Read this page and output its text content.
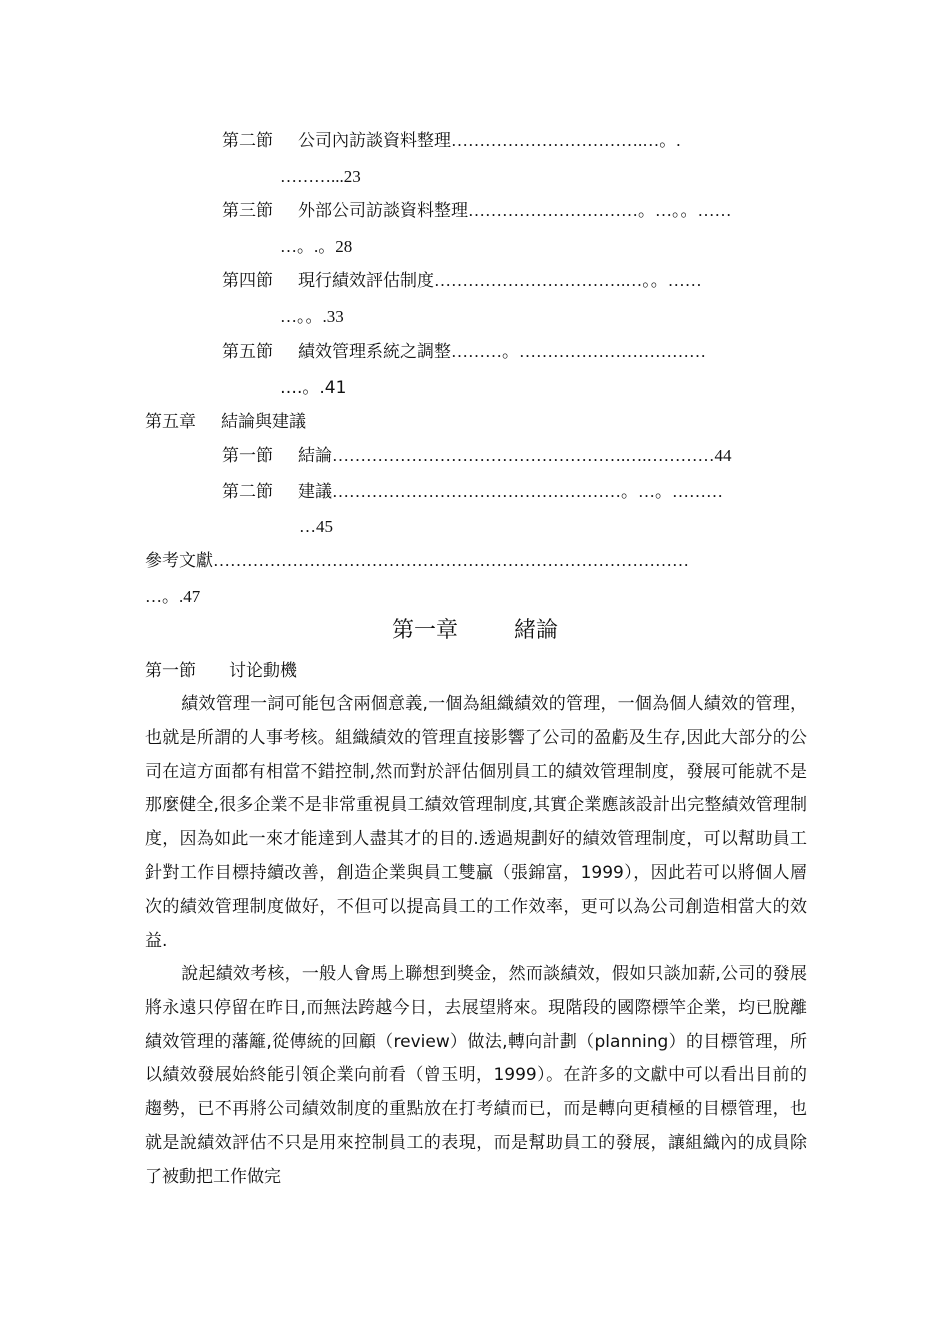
第二節 公司內訪談資料整理…………………………….…。.
………...23
第三節 外部公司訪談資料整理…………………………。…。。……
…。.。28
第四節 現行績效評估制度…………………………….…。。……
…。。.33
第五節 績效管理系統之調整………。……………………………
….。.41
第五章 結論與建議
第一節 結論…………………………………………….….…………44
第二節 建議……………………………………………。…。………
…45
參考文獻…………………………………………………………………………
…。.47
第一章	緒論
第一節 讨论動機
績效管理一詞可能包含兩個意義,一個為組織績效的管理，一個為個人績效的管理，也就是所謂的人事考核。組織績效的管理直接影響了公司的盈虧及生存,因此大部分的公司在這方面都有相當不錯控制,然而對於評估個別員工的績效管理制度，發展可能就不是那麼健全,很多企業不是非常重視員工績效管理制度,其實企業應該設計出完整績效管理制度，因為如此一來才能達到人盡其才的目的.透過規劃好的績效管理制度，可以幫助員工針對工作目標持續改善，創造企業與員工雙贏（張錦富，1999），因此若可以將個人層次的績效管理制度做好，不但可以提高員工的工作效率，更可以為公司創造相當大的效益.
說起績效考核，一般人會馬上聯想到獎金，然而談績效，假如只談加薪,公司的發展將永遠只停留在昨日,而無法跨越今日，去展望將來。現階段的國際標竿企業，均已脫離績效管理的藩籬,從傳統的回顧（review）做法,轉向計劃（planning）的目標管理，所以績效發展始終能引領企業向前看（曾玉明，1999）。在許多的文獻中可以看出目前的趨勢，已不再將公司績效制度的重點放在打考績而已，而是轉向更積極的目標管理，也就是說績效評估不只是用來控制員工的表現，而是幫助員工的發展，讓組織內的成員除了被動把工作做完
